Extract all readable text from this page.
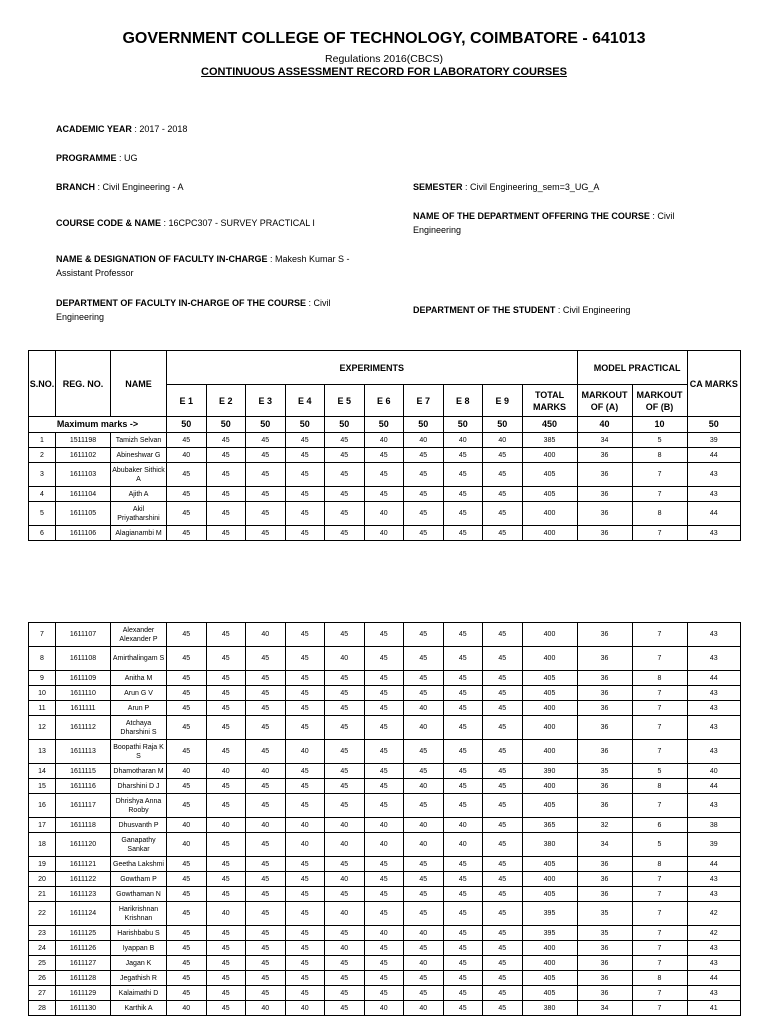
GOVERNMENT COLLEGE OF TECHNOLOGY, COIMBATORE - 641013
Regulations 2016(CBCS)
CONTINUOUS ASSESSMENT RECORD FOR LABORATORY COURSES
ACADEMIC YEAR : 2017 - 2018
PROGRAMME : UG
BRANCH : Civil Engineering - A	SEMESTER : Civil Engineering_sem=3_UG_A
COURSE CODE & NAME : 16CPC307 - SURVEY PRACTICAL I
NAME OF THE DEPARTMENT OFFERING THE COURSE : Civil Engineering
NAME & DESIGNATION OF FACULTY IN-CHARGE : Makesh Kumar S - Assistant Professor
DEPARTMENT OF FACULTY IN-CHARGE OF THE COURSE : Civil Engineering
DEPARTMENT OF THE STUDENT : Civil Engineering
S.NO.	REG. NO.	NAME	EXPERIMENTS										MODEL PRACTICAL		CA MARKS
			E 1	E 2	E 3	E 4	E 5	E 6	E 7	E 8	E 9	TOTAL MARKS	MARKOUT OF (A)	MARKOUT OF (B)	
Maximum marks ->			50	50	50	50	50	50	50	50	50	450	40	10	50
1	1511198	Tamizh Selvan	45	45	45	45	45	40	40	40	40	385	34	5	39
2	1611102	Abineshwar G	40	45	45	45	45	45	45	45	45	400	36	8	44
3	1611103	Abubaker Sithick A	45	45	45	45	45	45	45	45	45	405	36	7	43
4	1611104	Ajith A	45	45	45	45	45	45	45	45	45	405	36	7	43
5	1611105	Akil Priyatharshini	45	45	45	45	45	40	45	45	45	400	36	8	44
6	1611106	Alagianambi M	45	45	45	45	45	40	45	45	45	400	36	7	43
7	1611107	Alexander Alexander P	45	45	40	45	45	45	45	45	45	400	36	7	43
8	1611108	Amirthalingam S	45	45	45	45	40	45	45	45	45	400	36	7	43
9	1611109	Anitha M	45	45	45	45	45	45	45	45	45	405	36	8	44
10	1611110	Arun G V	45	45	45	45	45	45	45	45	45	405	36	7	43
11	1611111	Arun P	45	45	45	45	45	45	40	45	45	400	36	7	43
12	1611112	Atchaya Dharshini S	45	45	45	45	45	45	40	45	45	400	36	7	43
13	1611113	Boopathi Raja K S	45	45	45	40	45	45	45	45	45	400	36	7	43
14	1611115	Dhamotharan M	40	40	40	45	45	45	45	45	45	390	35	5	40
15	1611116	Dharshini D J	45	45	45	45	45	45	40	45	45	400	36	8	44
16	1611117	Dhrishya Anna Rooby	45	45	45	45	45	45	45	45	45	405	36	7	43
17	1611118	Dhusvanth P	40	40	40	40	40	40	40	40	45	365	32	6	38
18	1611120	Ganapathy Sankar	40	45	45	40	40	40	40	40	45	380	34	5	39
19	1611121	Geetha Lakshmi	45	45	45	45	45	45	45	45	45	405	36	8	44
20	1611122	Gowtham P	45	45	45	45	40	45	45	45	45	400	36	7	43
21	1611123	Gowthaman N	45	45	45	45	45	45	45	45	45	405	36	7	43
22	1611124	Harikrishnan Krishnan	45	40	45	45	40	45	45	45	45	395	35	7	42
23	1611125	Harishbabu S	45	45	45	45	45	40	40	45	45	395	35	7	42
24	1611126	Iyappan B	45	45	45	45	40	45	45	45	45	400	36	7	43
25	1611127	Jagan K	45	45	45	45	45	45	40	45	45	400	36	7	43
26	1611128	Jegathish R	45	45	45	45	45	45	45	45	45	405	36	8	44
27	1611129	Kalaimathi D	45	45	45	45	45	45	45	45	45	405	36	7	43
28	1611130	Karthik A	40	45	40	40	45	40	40	45	45	380	34	7	41
